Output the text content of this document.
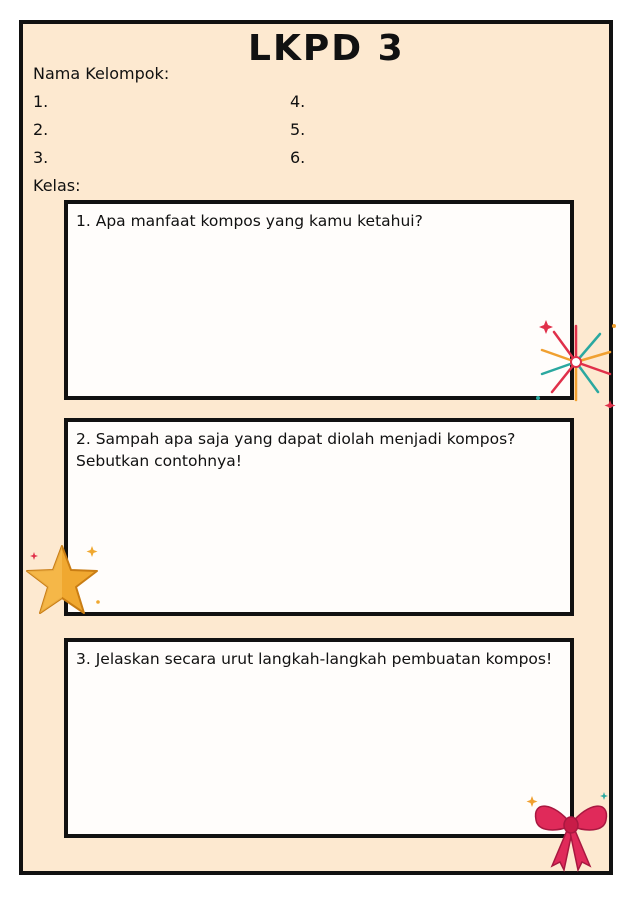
LKPD 3
Nama Kelompok:
1.
2.
3.
4.
5.
6.
Kelas:
1. Apa manfaat kompos yang kamu ketahui?
2. Sampah apa saja yang dapat diolah menjadi kompos? Sebutkan contohnya!
3. Jelaskan secara urut langkah-langkah pembuatan kompos!
